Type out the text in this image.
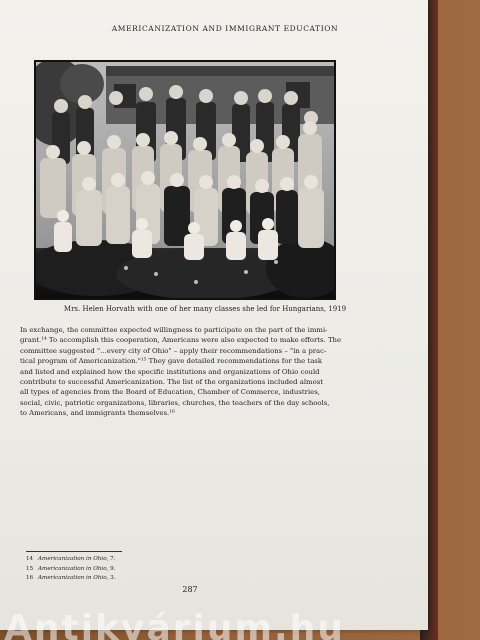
AMERICANIZATION AND IMMIGRANT EDUCATION
Mrs. Helen Horvath with one of her many classes she led for Hungarians, 1919
In exchange, the committee expected willingness to participate on the part of the immi-
grant.¹⁴ To accomplish this cooperation, Americans were also expected to make efforts. The
committee suggested "...every city of Ohio" – apply their recommendations – "in a prac-
tical program of Americanization."¹⁵ They gave detailed recommendations for the task
and listed and explained how the specific institutions and organizations of Ohio could
contribute to successful Americanization. The list of the organizations included almost
all types of agencies from the Board of Education, Chamber of Commerce, industries,
social, civic, patriotic organizations, libraries, churches, the teachers of the day schools,
to Americans, and immigrants themselves.¹⁶
14 Americanization in Ohio, 7.
15 Americanization in Ohio, 9.
16 Americanization in Ohio, 3.
287
Antikvárium.hu
